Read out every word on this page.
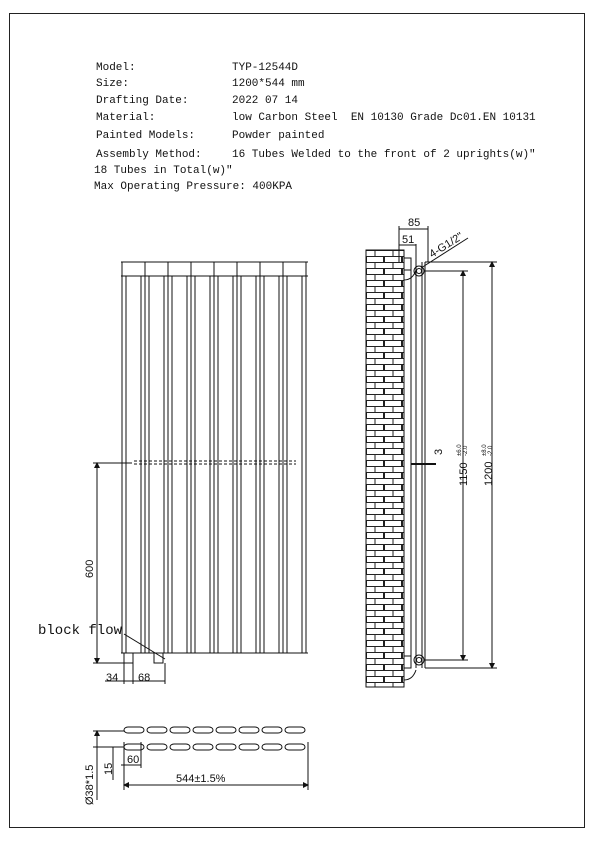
Model:	TYP-12544D
Size:	1200*544 mm
Drafting Date:	2022 07 14
Material:	low Carbon Steel  EN 10130 Grade Dc01.EN 10131
Painted Models:	Powder painted
Assembly Method:	16 Tubes Welded to the front of 2 uprights(w)"
18 Tubes in Total(w)"
Max Operating Pressure: 400KPA
600
block flow
34 68
85
51 4-G1/2"
3
1150
±6.0 -2.0
1200
±8.0 -2.0
Ø38*1.5 15
60
544±1.5%
